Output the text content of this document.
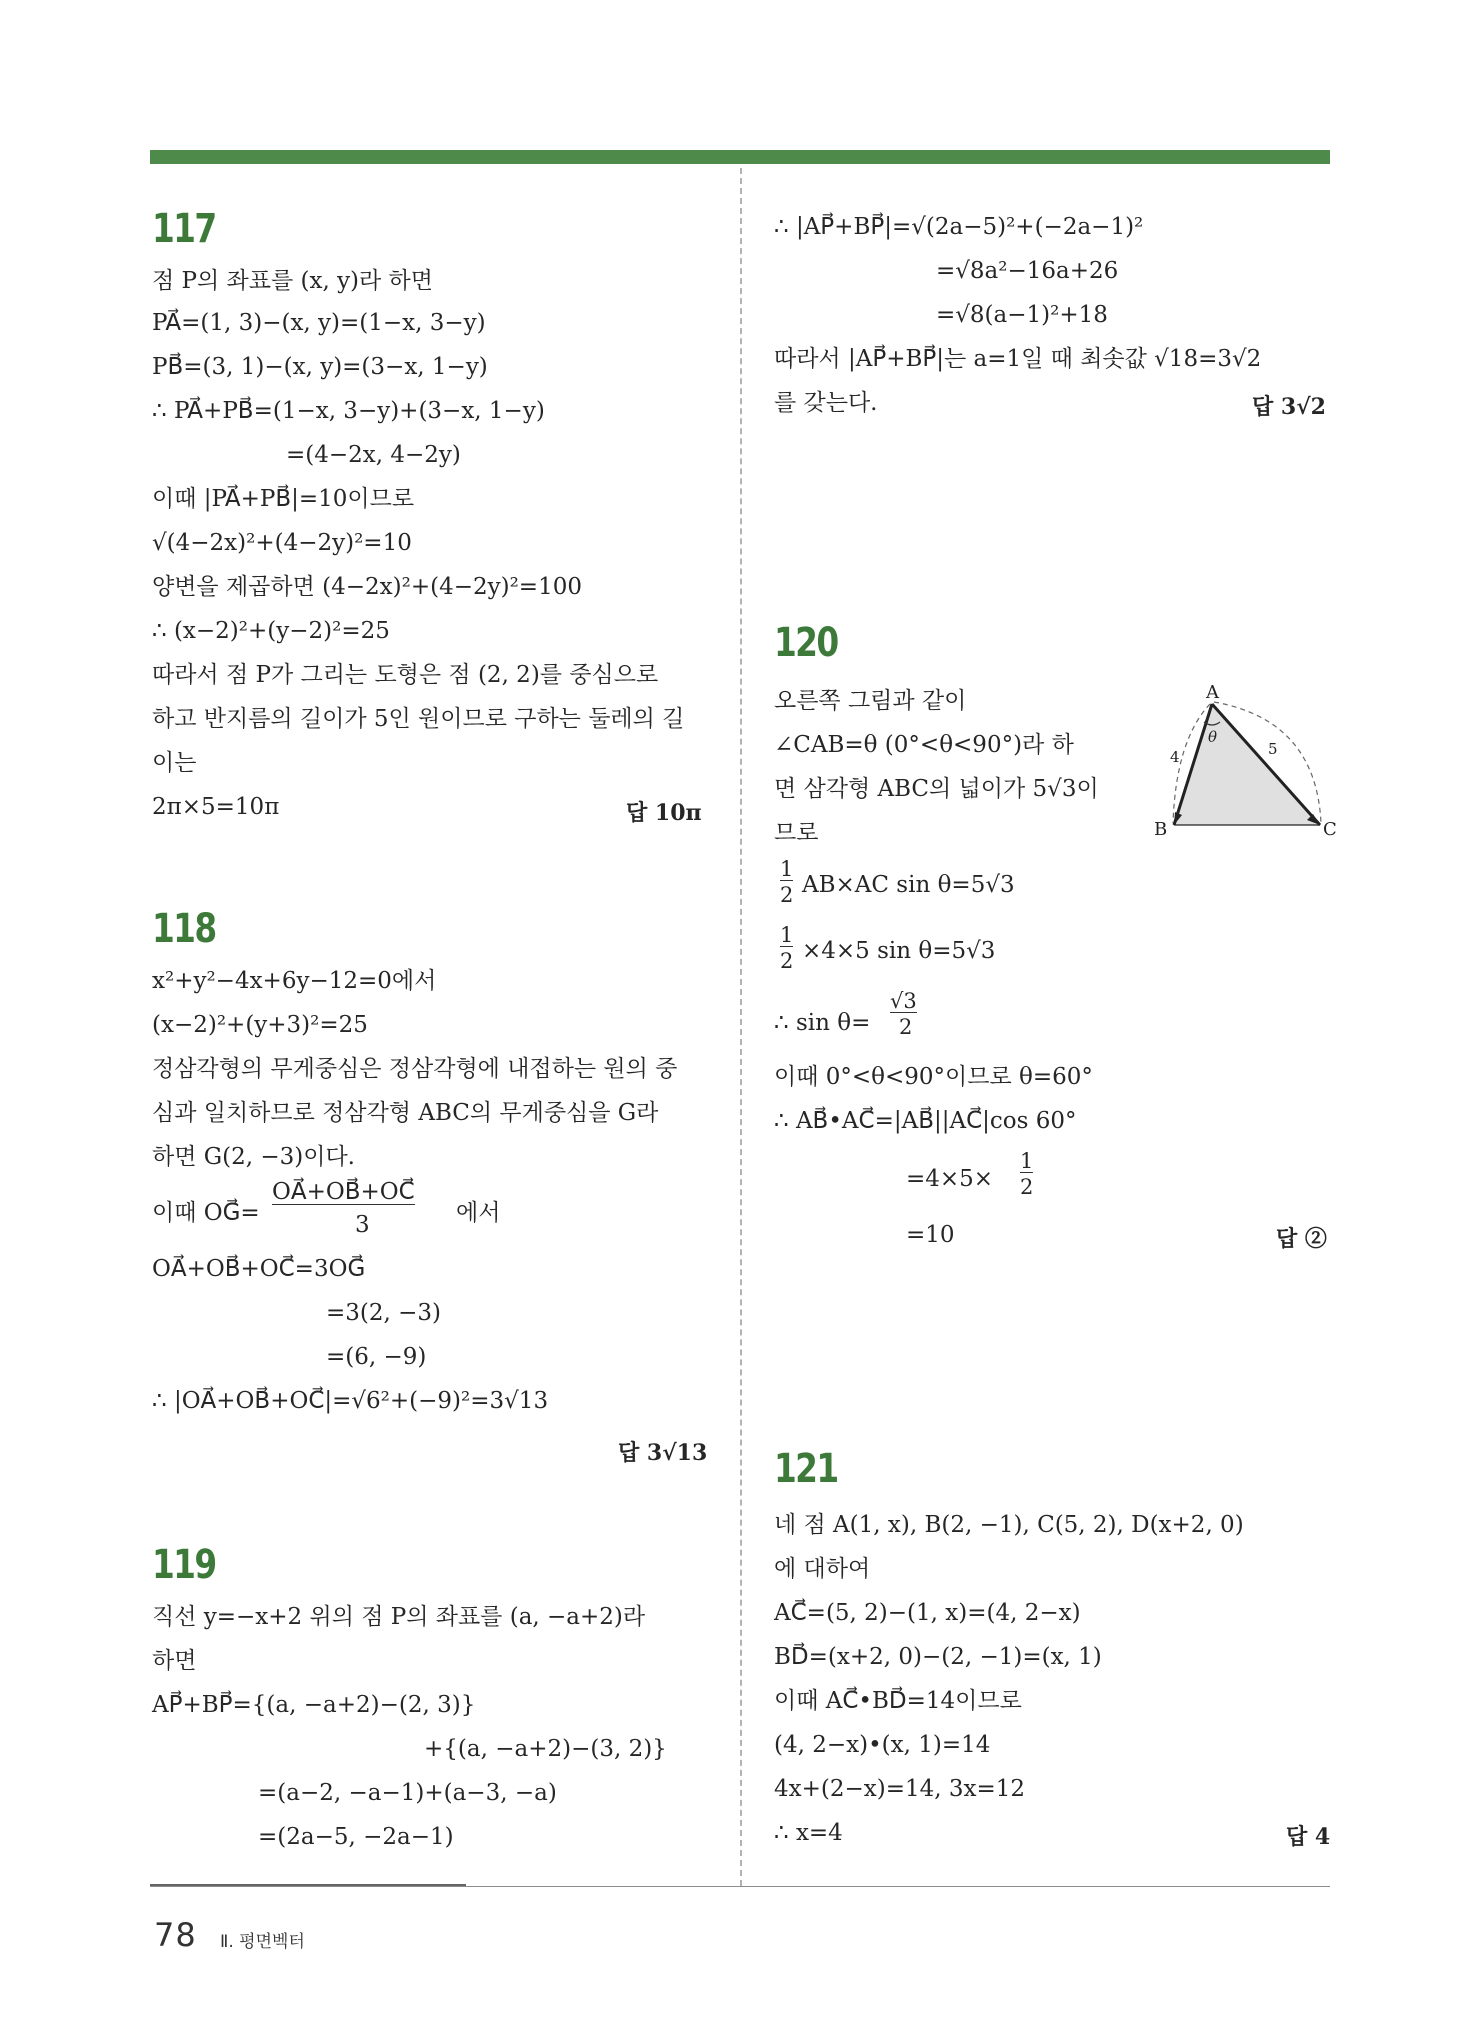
117
점 P의 좌표를 (x, y)라 하면
PA⃗=(1, 3)−(x, y)=(1−x, 3−y)
PB⃗=(3, 1)−(x, y)=(3−x, 1−y)
∴ PA⃗+PB⃗=(1−x, 3−y)+(3−x, 1−y)
=(4−2x, 4−2y)
이때 |PA⃗+PB⃗|=10이므로
√(4−2x)²+(4−2y)²=10
양변을 제곱하면 (4−2x)²+(4−2y)²=100
∴ (x−2)²+(y−2)²=25
따라서 점 P가 그리는 도형은 점 (2, 2)를 중심으로
하고 반지름의 길이가 5인 원이므로 구하는 둘레의 길
이는
2π×5=10π	답 10π
118
x²+y²−4x+6y−12=0에서
(x−2)²+(y+3)²=25
정삼각형의 무게중심은 정삼각형에 내접하는 원의 중
심과 일치하므로 정삼각형 ABC의 무게중심을 G라
하면 G(2, −3)이다.
이때 OG⃗=
OA⃗+OB⃗+OC⃗
3	에서
OA⃗+OB⃗+OC⃗=3OG⃗
=3(2, −3)
=(6, −9)
∴ |OA⃗+OB⃗+OC⃗|=√6²+(−9)²=3√13
답 3√13
119
직선 y=−x+2 위의 점 P의 좌표를 (a, −a+2)라
하면
AP⃗+BP⃗={(a, −a+2)−(2, 3)}
+{(a, −a+2)−(3, 2)}
=(a−2, −a−1)+(a−3, −a)
=(2a−5, −2a−1)
∴ |AP⃗+BP⃗|=√(2a−5)²+(−2a−1)²
=√8a²−16a+26
=√8(a−1)²+18
따라서 |AP⃗+BP⃗|는 a=1일 때 최솟값 √18=3√2
를 갖는다.	답 3√2
120
오른쪽 그림과 같이
∠CAB=θ (0°<θ<90°)라 하
면 삼각형 ABC의 넓이가 5√3이
므로
1
2 AB×AC sin θ=5√3
1
2 ×4×5 sin θ=5√3
∴ sin θ=
√3
2
이때 0°<θ<90°이므로 θ=60°
∴ AB⃗•AC⃗=|AB⃗||AC⃗|cos 60°
=4×5×
1
2
=10	답 ②
A
B	C
θ
4	5
121
네 점 A(1, x), B(2, −1), C(5, 2), D(x+2, 0)
에 대하여
AC⃗=(5, 2)−(1, x)=(4, 2−x)
BD⃗=(x+2, 0)−(2, −1)=(x, 1)
이때 AC⃗•BD⃗=14이므로
(4, 2−x)•(x, 1)=14
4x+(2−x)=14, 3x=12
∴ x=4	답 4
78 Ⅱ. 평면벡터
